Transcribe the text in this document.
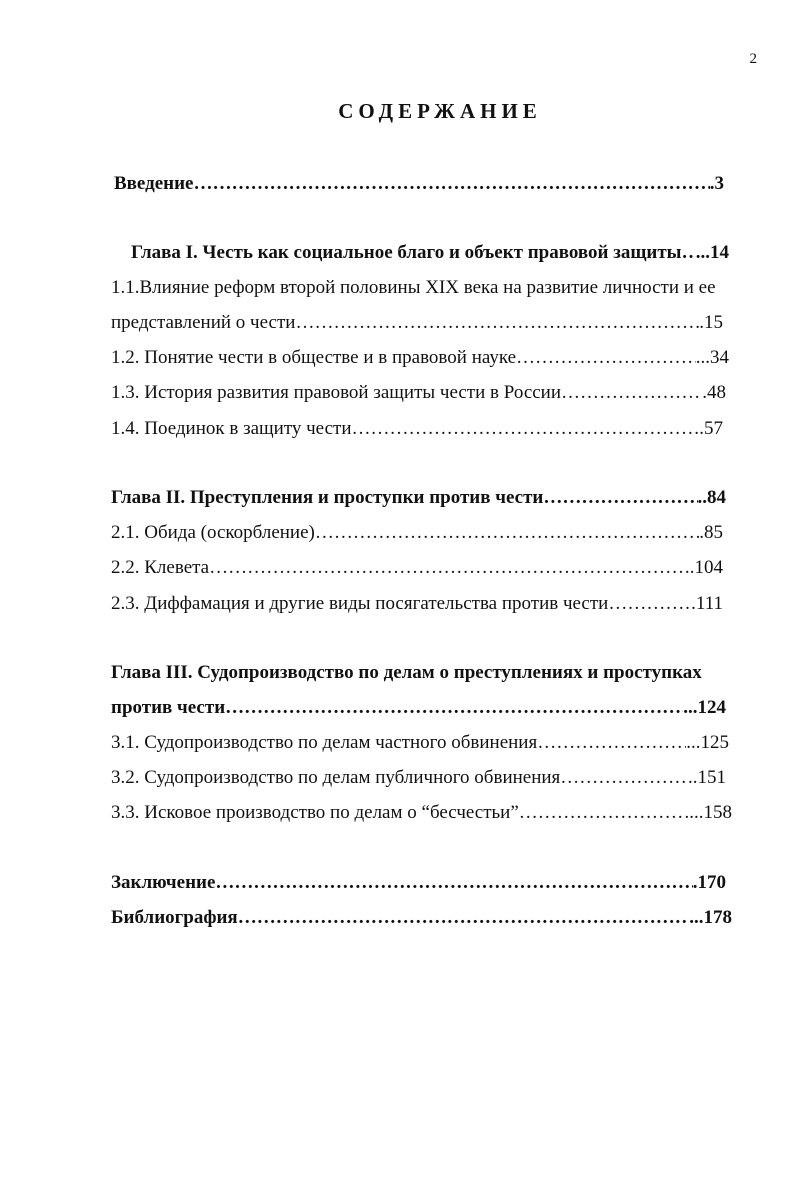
2
СОДЕРЖАНИЕ
Введение ………………………………………………………………………………………………………………………………………………………………………………………………………………	.3
Глава I. Честь как социальное благо и объект правовой защиты ……………………………………………………………………………………………………………………………………………………………………………………………………………… ...14
1.1.Влияние реформ второй половины XIX века на развитие личности и ее
представлений о чести ………………………………………………………………………………………………………………………………………………………………………………………………………………	.15
1.2. Понятие чести в обществе и в правовой науке ………………………………………………………………………………………………………………………………………………………………………………………………………………	...34
1.3. История развития правовой защиты чести в России ………………………………………………………………………………………………………………………………………………………………………………………………………………	.48
1.4. Поединок в защиту чести ………………………………………………………………………………………………………………………………………………………………………………………………………………	.57
Глава II. Преступления и проступки против чести ………………………………………………………………………………………………………………………………………………………………………………………………………………	..84
2.1. Обида (оскорбление) ………………………………………………………………………………………………………………………………………………………………………………………………………………	.85
2.2. Клевета ………………………………………………………………………………………………………………………………………………………………………………………………………………	.104
2.3. Диффамация и другие виды посягательства против чести ………………………………………………………………………………………………………………………………………………………………………………………………………………	.111
Глава III. Судопроизводство по делам о преступлениях и проступках
против чести ………………………………………………………………………………………………………………………………………………………………………………………………………………	...124
3.1. Судопроизводство по делам частного обвинения ………………………………………………………………………………………………………………………………………………………………………………………………………………	...125
3.2. Судопроизводство по делам публичного обвинения ………………………………………………………………………………………………………………………………………………………………………………………………………………	..151
3.3. Исковое производство по делам о “бесчестьи” ………………………………………………………………………………………………………………………………………………………………………………………………………………	....158
Заключение ………………………………………………………………………………………………………………………………………………………………………………………………………………	.170
Библиография ………………………………………………………………………………………………………………………………………………………………………………………………………………	...178
